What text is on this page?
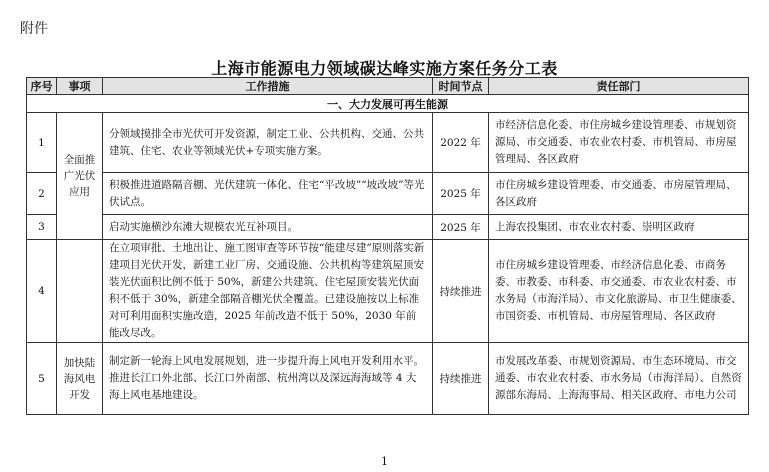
附件
上海市能源电力领域碳达峰实施方案任务分工表
序号	事项	工作措施	时间节点	责任部门
一、大力发展可再生能源				
1	全面推广光伏应用	分领域摸排全市光伏可开发资源，制定工业、公共机构、交通、公共建筑、住宅、农业等领域光伏+专项实施方案。	2022 年	市经济信息化委、市住房城乡建设管理委、市规划资源局、市交通委、市农业农村委、市机管局、市房屋管理局、各区政府
2		积极推进道路隔音棚、光伏建筑一体化、住宅“平改坡”“坡改坡”等光伏试点。	2025 年	市住房城乡建设管理委、市交通委、市房屋管理局、各区政府
3		启动实施横沙东滩大规模农光互补项目。	2025 年	上海农投集团、市农业农村委、崇明区政府
4		在立项审批、土地出让、施工图审查等环节按“能建尽建”原则落实新建项目光伏开发，新建工业厂房、交通设施、公共机构等建筑屋顶安装光伏面积比例不低于 50%，新建公共建筑、住宅屋顶安装光伏面积不低于 30%，新建全部隔音棚光伏全覆盖。已建设施按以上标准对可利用面积实施改造，2025 年前改造不低于 50%，2030 年前能改尽改。	持续推进	市住房城乡建设管理委、市经济信息化委、市商务委、市教委、市科委、市交通委、市农业农村委、市水务局（市海洋局）、市文化旅游局、市卫生健康委、市国资委、市机管局、市房屋管理局、各区政府
5	加快陆海风电开发	制定新一轮海上风电发展规划，进一步提升海上风电开发利用水平。推进长江口外北部、长江口外南部、杭州湾以及深远海海域等 4 大海上风电基地建设。	持续推进	市发展改革委、市规划资源局、市生态环境局、市交通委、市农业农村委、市水务局（市海洋局）、自然资源部东海局、上海海事局、相关区政府、市电力公司
1
